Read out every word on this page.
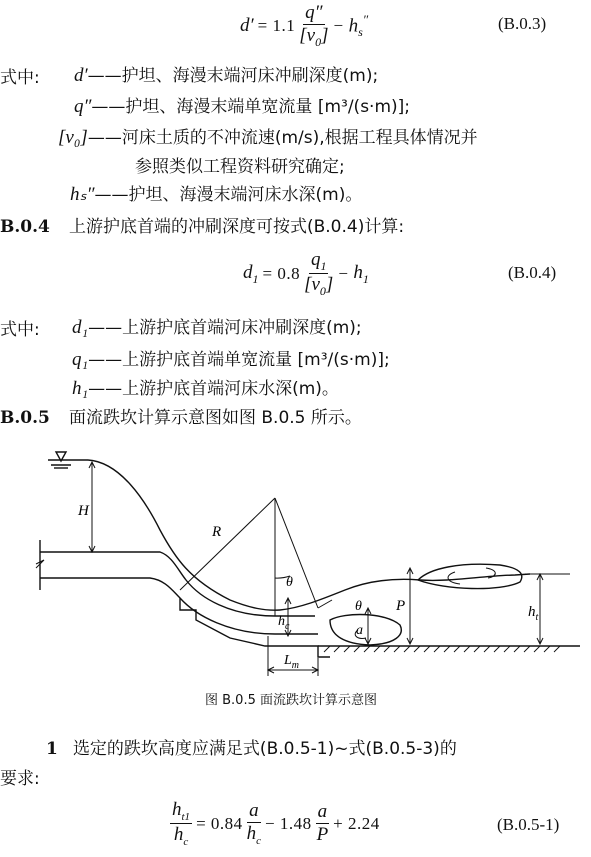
$d' = 1.1 \frac{q''}{[v_0]} - h_s''$	(B.0.3)
式中: d′——护坦、海漫末端河床冲刷深度(m);
q″——护坦、海漫末端单宽流量 [m³/(s·m)];
[v₀]——河床土质的不冲流速(m/s),根据工程具体情况并
参照类似工程资料研究确定;
hₛ″——护坦、海漫末端河床水深(m)。
B.0.4 上游护底首端的冲刷深度可按式(B.0.4)计算:
$d_1 = 0.8 \frac{q_1}{[v_0]} - h_1$	(B.0.4)
式中: d₁——上游护底首端河床冲刷深度(m);
q₁——上游护底首端单宽流量 [m³/(s·m)];
h₁——上游护底首端河床水深(m)。
B.0.5 面流跌坎计算示意图如图 B.0.5 所示。
H
R
θ
θ P	$h_t$
$h_c$	a
$L_m$
图 B.0.5 面流跌坎计算示意图
1 选定的跌坎高度应满足式(B.0.5-1)~式(B.0.5-3)的
要求:
$\frac{h_{t1}}{h_c} = 0.84 \frac{a}{h_c} - 1.48 \frac{a}{P} + 2.24$	(B.0.5-1)
